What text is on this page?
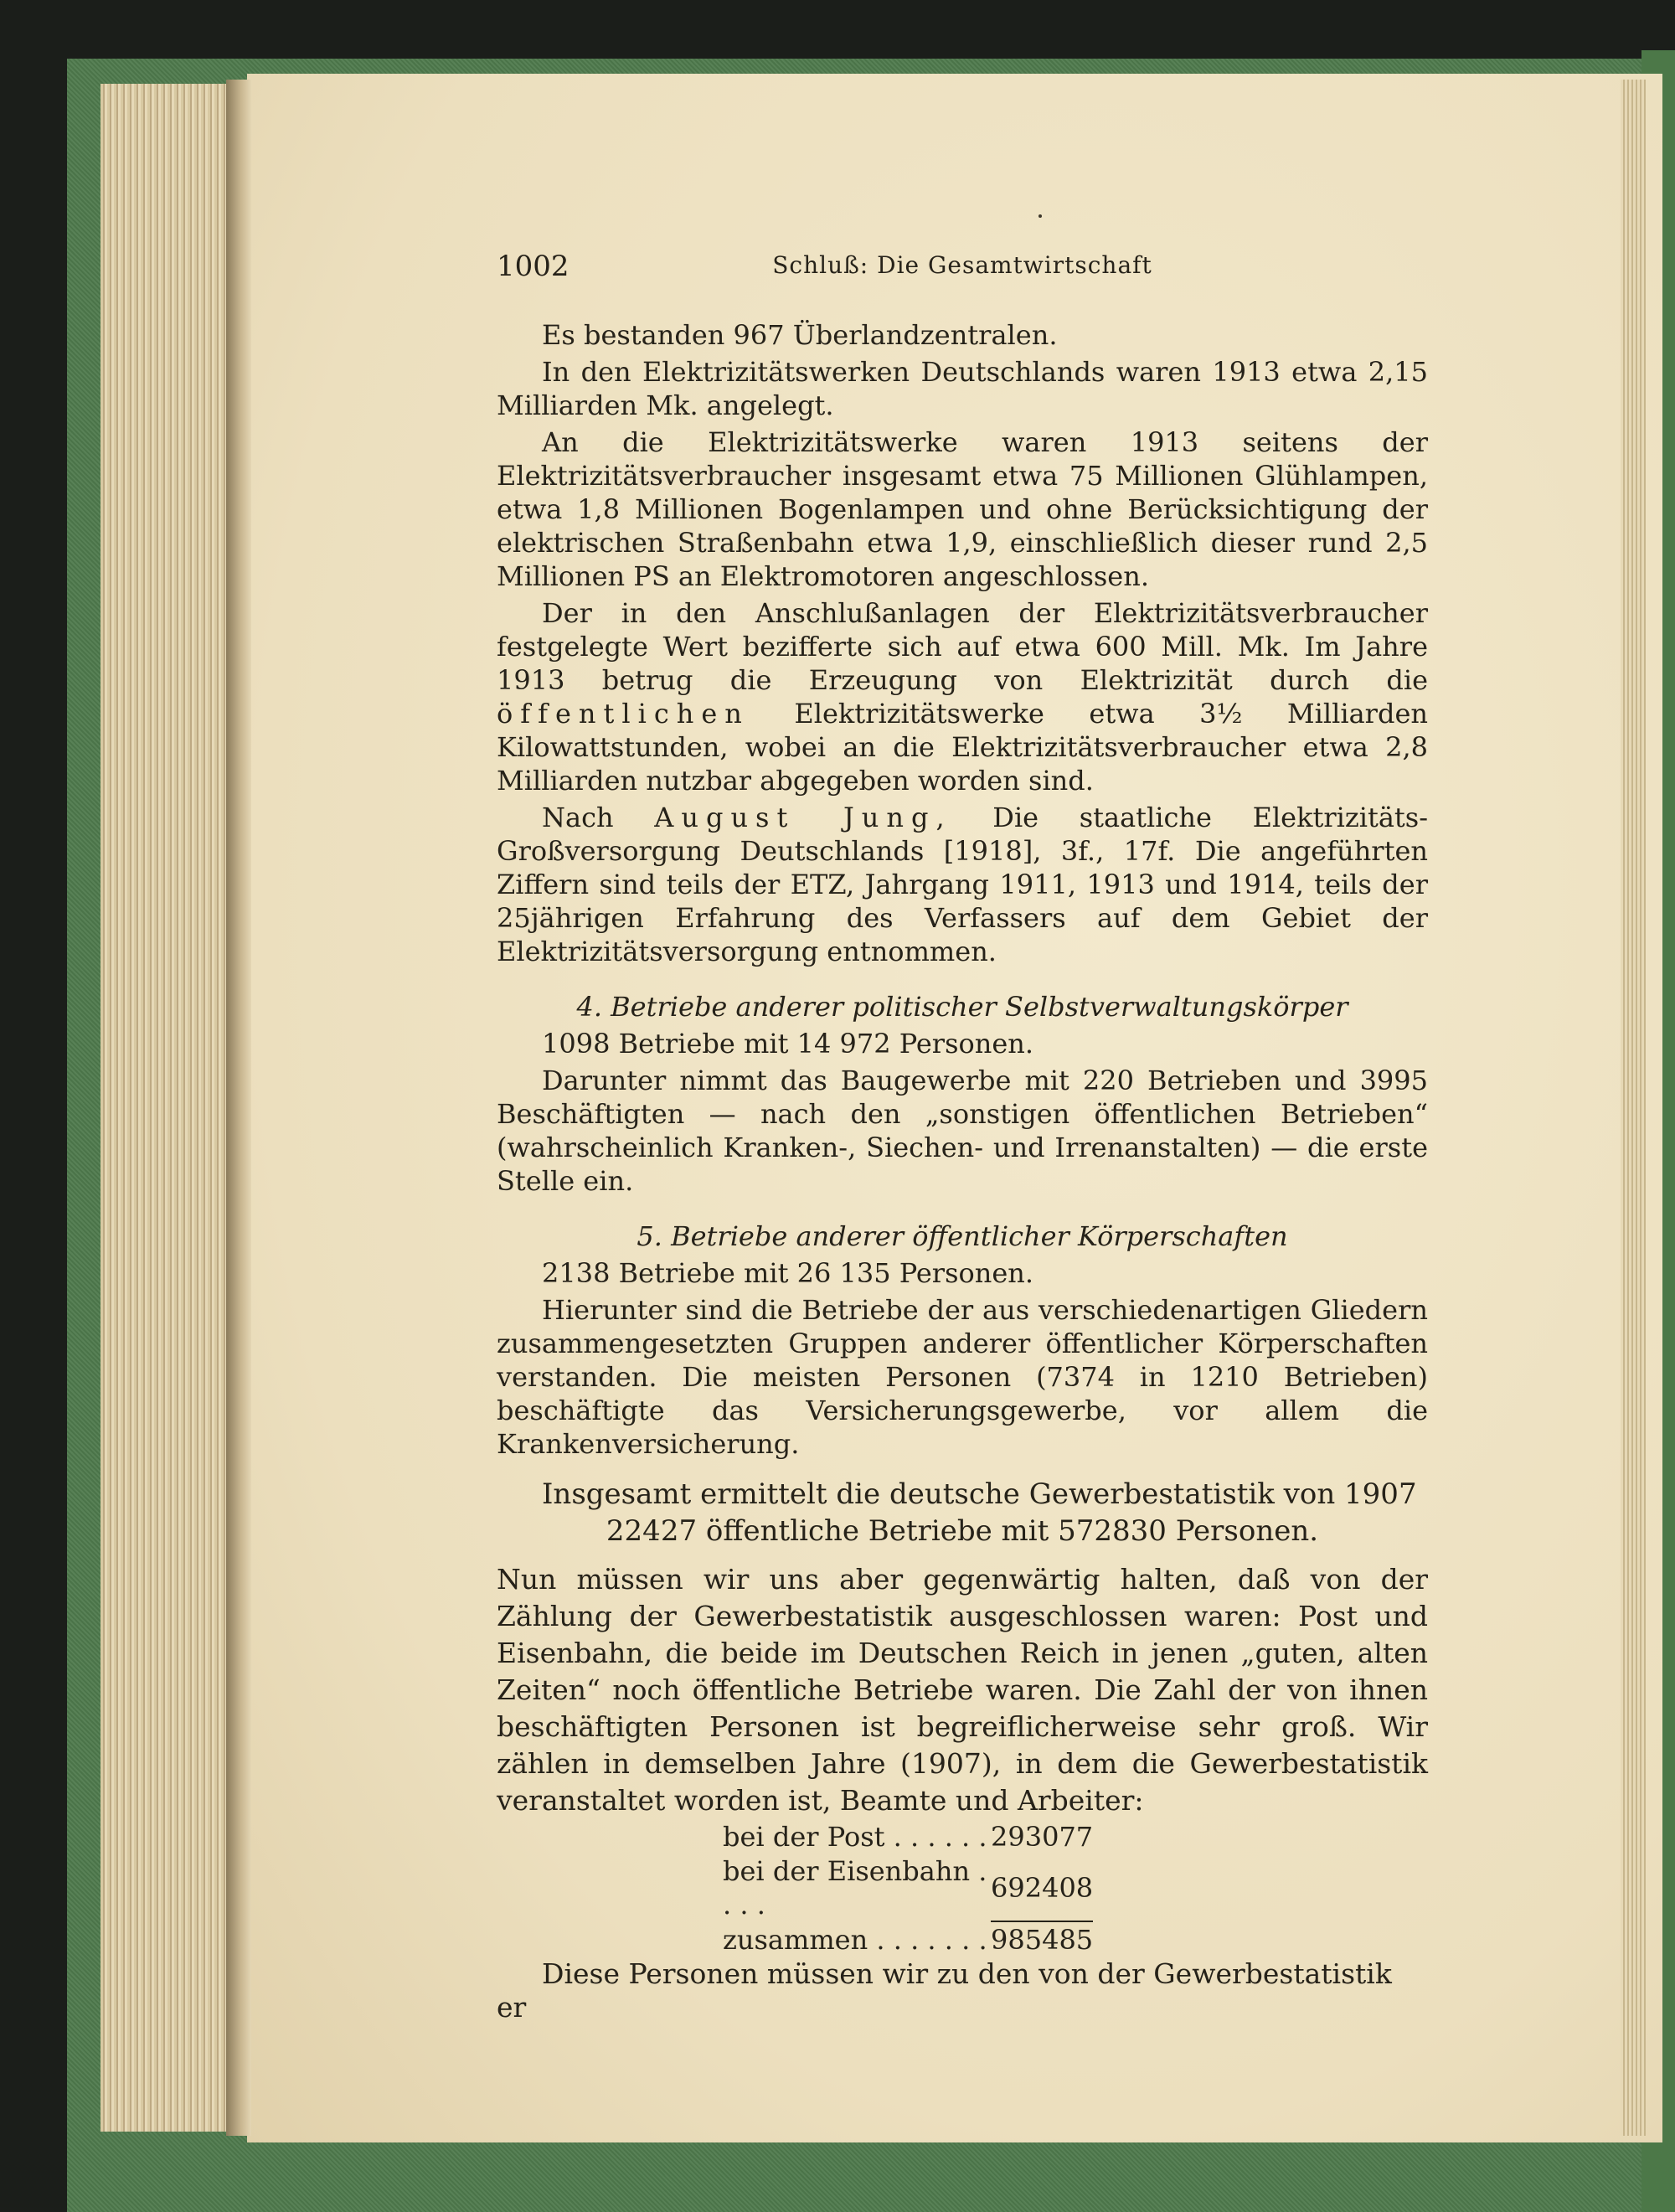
1002	Schluß: Die Gesamtwirtschaft

Es bestanden 967 Überlandzentralen.

In den Elektrizitätswerken Deutschlands waren 1913 etwa 2,15 Milliarden Mk. angelegt.

An die Elektrizitätswerke waren 1913 seitens der Elektrizitätsverbraucher insgesamt etwa 75 Millionen Glühlampen, etwa 1,8 Millionen Bogenlampen und ohne Berücksichtigung der elektrischen Straßenbahn etwa 1,9, einschließlich dieser rund 2,5 Millionen PS an Elektromotoren angeschlossen.

Der in den Anschlußanlagen der Elektrizitätsverbraucher festgelegte Wert bezifferte sich auf etwa 600 Mill. Mk. Im Jahre 1913 betrug die Erzeugung von Elektrizität durch die öffentlichen Elektrizitätswerke etwa 3½ Milliarden Kilowattstunden, wobei an die Elektrizitätsverbraucher etwa 2,8 Milliarden nutzbar abgegeben worden sind.

Nach August Jung, Die staatliche Elektrizitäts-Großversorgung Deutschlands [1918], 3f., 17f. Die angeführten Ziffern sind teils der ETZ, Jahrgang 1911, 1913 und 1914, teils der 25jährigen Erfahrung des Verfassers auf dem Gebiet der Elektrizitätsversorgung entnommen.

4. Betriebe anderer politischer Selbstverwaltungskörper

1098 Betriebe mit 14 972 Personen.

Darunter nimmt das Baugewerbe mit 220 Betrieben und 3995 Beschäftigten — nach den „sonstigen öffentlichen Betrieben“ (wahrscheinlich Kranken-, Siechen- und Irrenanstalten) — die erste Stelle ein.

5. Betriebe anderer öffentlicher Körperschaften

2138 Betriebe mit 26 135 Personen.

Hierunter sind die Betriebe der aus verschiedenartigen Gliedern zusammengesetzten Gruppen anderer öffentlicher Körperschaften verstanden. Die meisten Personen (7374 in 1210 Betrieben) beschäftigte das Versicherungsgewerbe, vor allem die Krankenversicherung.

Insgesamt ermittelt die deutsche Gewerbestatistik von 1907

22427 öffentliche Betriebe mit 572830 Personen.

Nun müssen wir uns aber gegenwärtig halten, daß von der Zählung der Gewerbestatistik ausgeschlossen waren: Post und Eisenbahn, die beide im Deutschen Reich in jenen „guten, alten Zeiten“ noch öffentliche Betriebe waren. Die Zahl der von ihnen beschäftigten Personen ist begreiflicherweise sehr groß. Wir zählen in demselben Jahre (1907), in dem die Gewerbestatistik veranstaltet worden ist, Beamte und Arbeiter:

bei der Post . . . . . .	293077
bei der Eisenbahn . . . .	692408
zusammen . . . . . . .	985485

Diese Personen müssen wir zu den von der Gewerbestatistik er
